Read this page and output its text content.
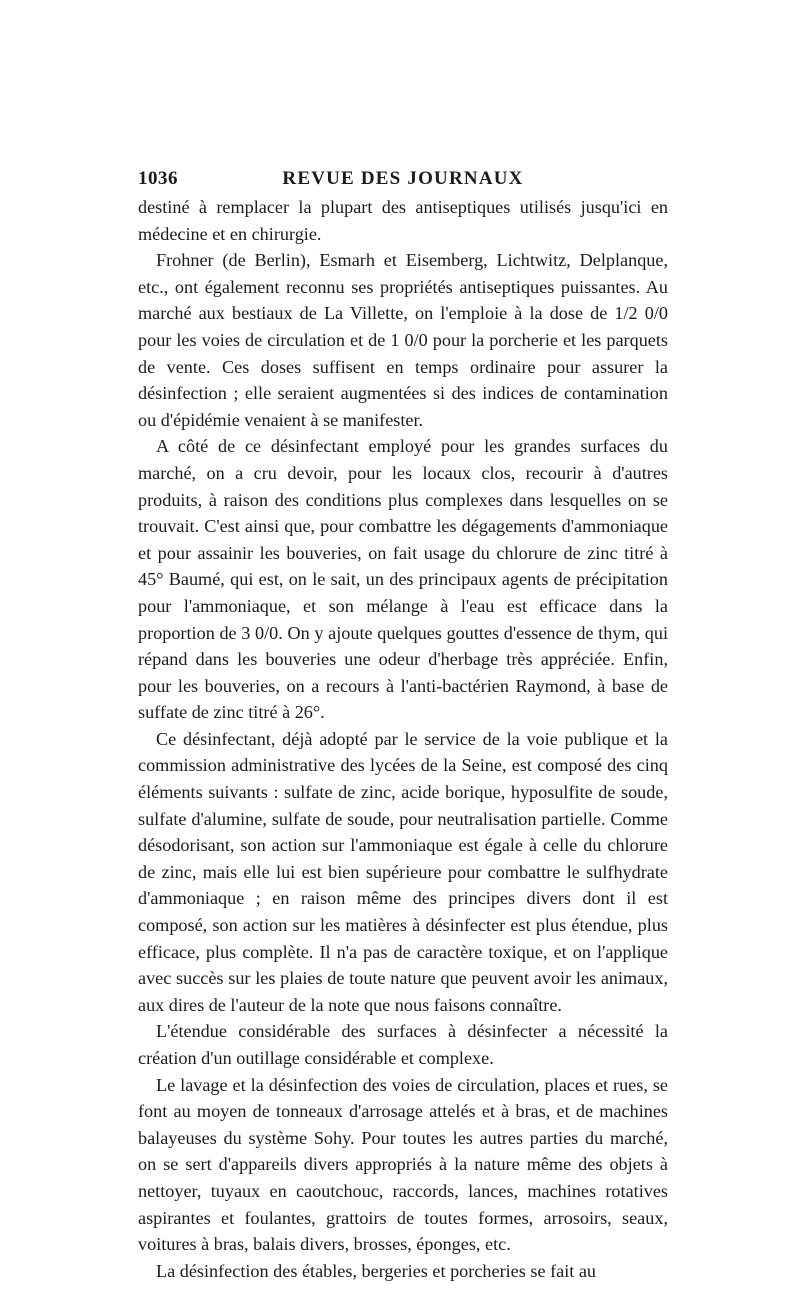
REVUE DES JOURNAUX
1036

destiné à remplacer la plupart des antiseptiques utilisés jusqu'ici en médecine et en chirurgie.

Frohner (de Berlin), Esmarh et Eisemberg, Lichtwitz, Delplanque, etc., ont également reconnu ses propriétés antiseptiques puissantes. Au marché aux bestiaux de La Villette, on l'emploie à la dose de 1/2 0/0 pour les voies de circulation et de 1 0/0 pour la porcherie et les parquets de vente. Ces doses suffisent en temps ordinaire pour assurer la désinfection ; elle seraient augmentées si des indices de contamination ou d'épidémie venaient à se manifester.

A côté de ce désinfectant employé pour les grandes surfaces du marché, on a cru devoir, pour les locaux clos, recourir à d'autres produits, à raison des conditions plus complexes dans lesquelles on se trouvait. C'est ainsi que, pour combattre les dégagements d'ammoniaque et pour assainir les bouveries, on fait usage du chlorure de zinc titré à 45° Baumé, qui est, on le sait, un des principaux agents de précipitation pour l'ammoniaque, et son mélange à l'eau est efficace dans la proportion de 3 0/0. On y ajoute quelques gouttes d'essence de thym, qui répand dans les bouveries une odeur d'herbage très appréciée. Enfin, pour les bouveries, on a recours à l'anti-bactérien Raymond, à base de suffate de zinc titré à 26°.

Ce désinfectant, déjà adopté par le service de la voie publique et la commission administrative des lycées de la Seine, est composé des cinq éléments suivants : sulfate de zinc, acide borique, hyposulfite de soude, sulfate d'alumine, sulfate de soude, pour neutralisation partielle. Comme désodorisant, son action sur l'ammoniaque est égale à celle du chlorure de zinc, mais elle lui est bien supérieure pour combattre le sulfhydrate d'ammoniaque ; en raison même des principes divers dont il est composé, son action sur les matières à désinfecter est plus étendue, plus efficace, plus complète. Il n'a pas de caractère toxique, et on l'applique avec succès sur les plaies de toute nature que peuvent avoir les animaux, aux dires de l'auteur de la note que nous faisons connaître.

L'étendue considérable des surfaces à désinfecter a nécessité la création d'un outillage considérable et complexe.

Le lavage et la désinfection des voies de circulation, places et rues, se font au moyen de tonneaux d'arrosage attelés et à bras, et de machines balayeuses du système Sohy. Pour toutes les autres parties du marché, on se sert d'appareils divers appropriés à la nature même des objets à nettoyer, tuyaux en caoutchouc, raccords, lances, machines rotatives aspirantes et foulantes, grattoirs de toutes formes, arrosoirs, seaux, voitures à bras, balais divers, brosses, éponges, etc.

La désinfection des étables, bergeries et porcheries se fait au
